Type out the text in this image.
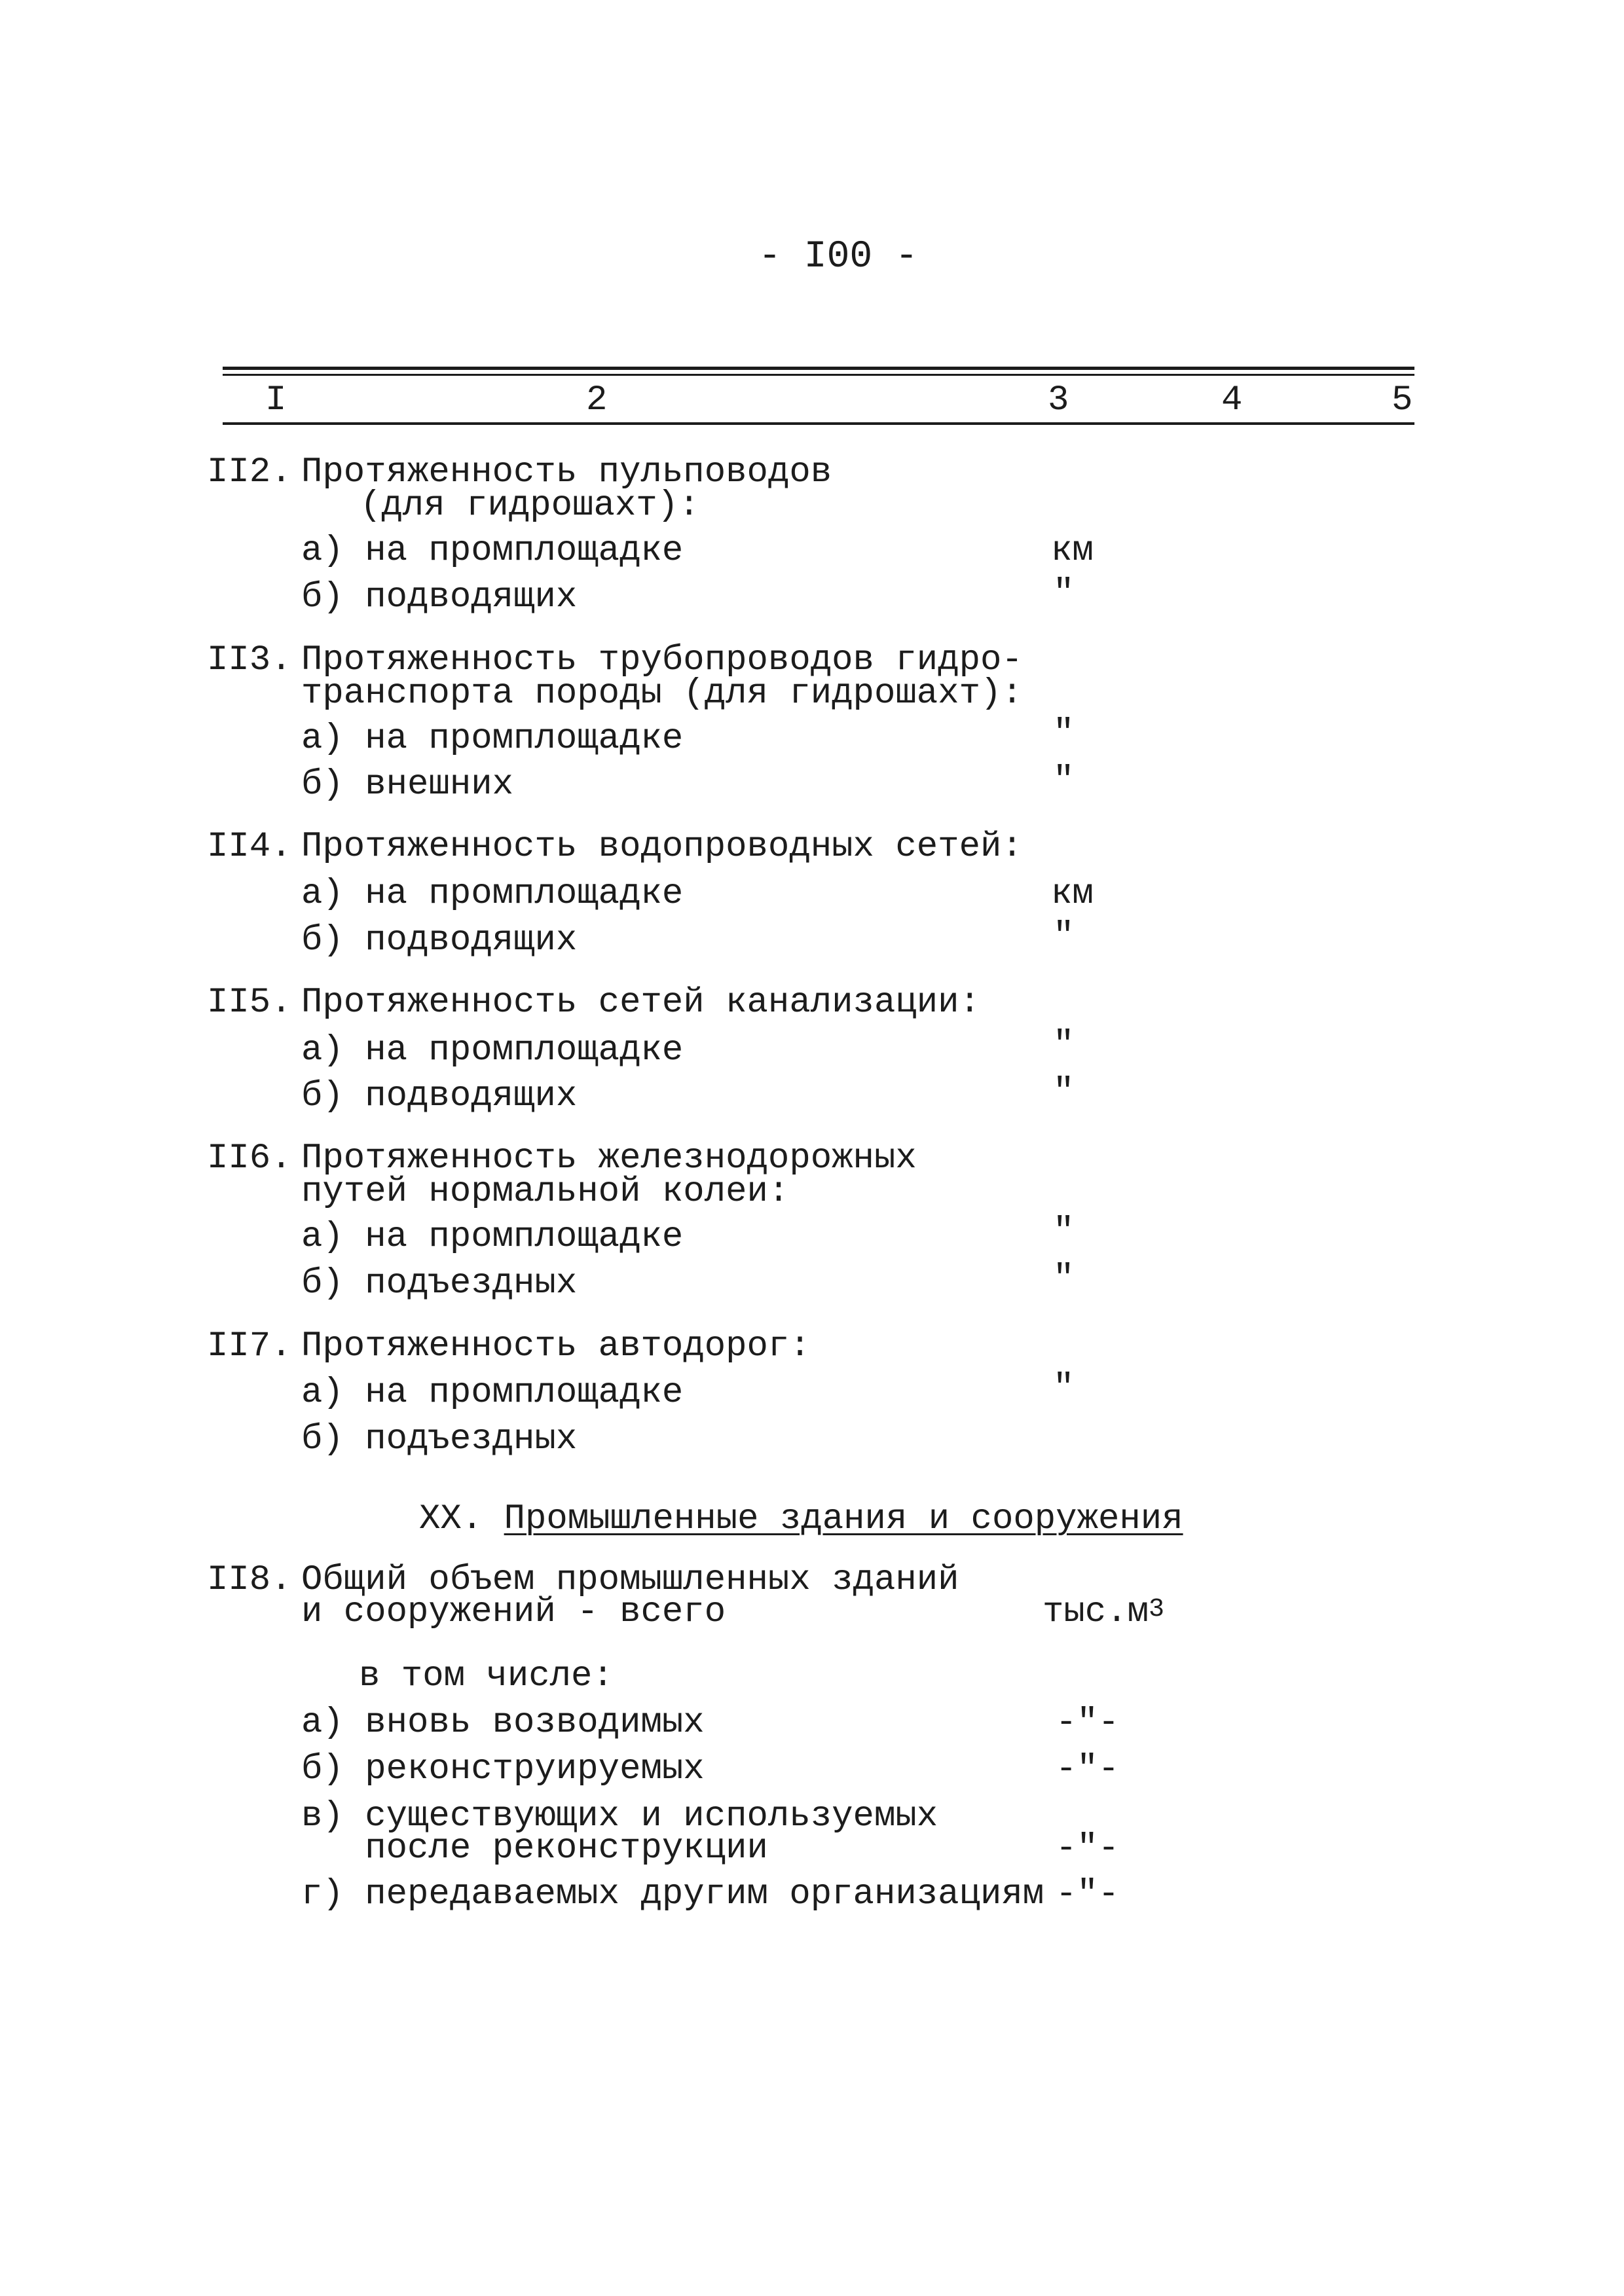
- I00 -
I	2	3	4	5
II2. Протяженность пульповодов
(для гидрошахт):
а) на промплощадке	км
б) подводящих	"
II3. Протяженность трубопроводов гидро-
транспорта породы (для гидрошахт):
а) на промплощадке	"
б) внешних	"
II4. Протяженность водопроводных сетей:
а) на промплощадке	км
б) подводящих	"
II5. Протяженность сетей канализации:
а) на промплощадке	"
б) подводящих	"
II6. Протяженность железнодорожных
путей нормальной колеи:
а) на промплощадке	"
б) подъездных	"
II7. Протяженность автодорог:
а) на промплощадке	"
б) подъездных
XX. Промышленные здания и сооружения
II8. Общий объем промышленных зданий
и сооружений - всего	$тыс.м^3$
в том числе:
а) вновь возводимых	-"-
б) реконструируемых	-"-
в) существующих и используемых
после реконструкции	-"-
г) передаваемых другим организациям -"-
